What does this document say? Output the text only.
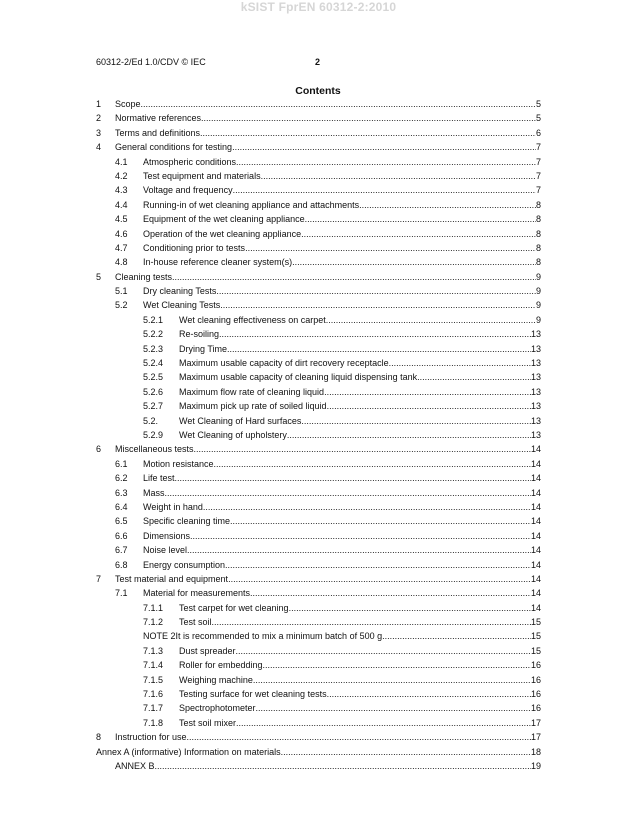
kSIST FprEN 60312-2:2010
60312-2/Ed 1.0/CDV © IEC	2
Contents
1 Scope .....	5
2 Normative references .....	5
3 Terms and definitions .....	6
4 General conditions for testing .....	7
4.1 Atmospheric conditions .....	7
4.2 Test equipment and materials .....	7
4.3 Voltage and frequency .....	7
4.4 Running-in of wet cleaning appliance and attachments .....	8
4.5 Equipment of the wet cleaning appliance .....	8
4.6 Operation of the wet cleaning appliance .....	8
4.7 Conditioning prior to tests .....	8
4.8 In-house reference cleaner system(s) .....	8
5 Cleaning tests .....	9
5.1 Dry cleaning Tests .....	9
5.2 Wet Cleaning Tests .....	9
5.2.1 Wet cleaning effectiveness on carpet .....	9
5.2.2 Re-soiling .....	13
5.2.3 Drying Time .....	13
5.2.4 Maximum usable capacity of dirt recovery receptacle .....	13
5.2.5 Maximum usable capacity of cleaning liquid dispensing tank .....	13
5.2.6 Maximum flow rate of cleaning liquid .....	13
5.2.7 Maximum pick up rate of soiled liquid .....	13
5.2. Wet Cleaning of Hard surfaces .....	13
5.2.9 Wet Cleaning of upholstery .....	13
6 Miscellaneous tests .....	14
6.1 Motion resistance .....	14
6.2 Life test .....	14
6.3 Mass .....	14
6.4 Weight in hand .....	14
6.5 Specific cleaning time .....	14
6.6 Dimensions .....	14
6.7 Noise level .....	14
6.8 Energy consumption .....	14
7 Test material and equipment .....	14
7.1 Material for measurements .....	14
7.1.1 Test carpet for wet cleaning .....	14
7.1.2 Test soil .....	15
NOTE 2It is recommended to mix a minimum batch of 500 g. .....	15
7.1.3 Dust spreader .....	15
7.1.4 Roller for embedding .....	16
7.1.5 Weighing machine .....	16
7.1.6 Testing surface for wet cleaning tests .....	16
7.1.7 Spectrophotometer .....	16
7.1.8 Test soil mixer .....	17
8 Instruction for use .....	17
Annex A (informative) Information on materials .....	18
ANNEX B .....	19
